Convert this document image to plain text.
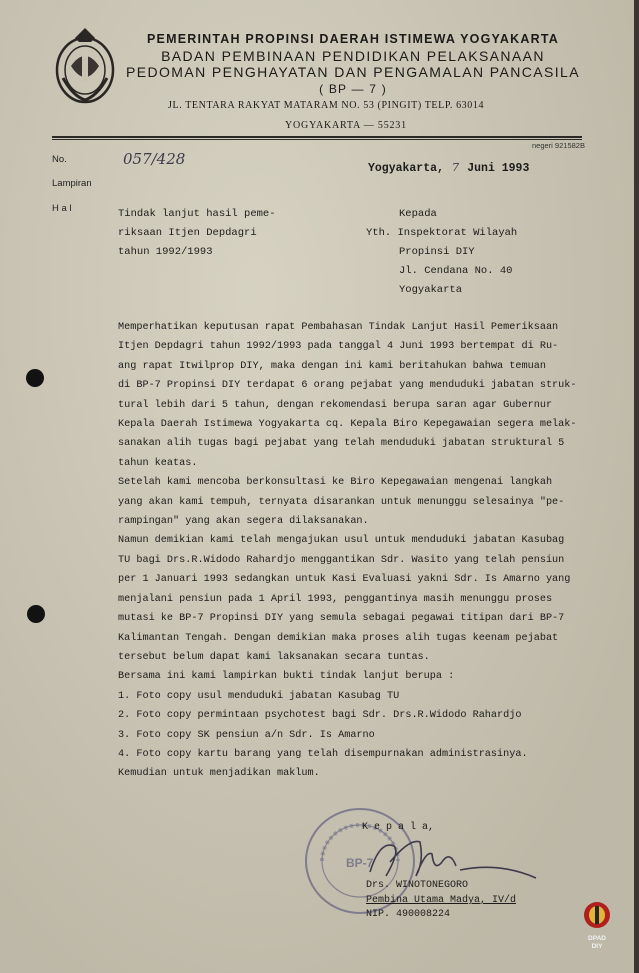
PEMERINTAH PROPINSI DAERAH ISTIMEWA YOGYAKARTA
BADAN PEMBINAAN PENDIDIKAN PELAKSANAAN
PEDOMAN PENGHAYATAN DAN PENGAMALAN PANCASILA
( BP — 7 )
JL. TENTARA RAKYAT MATARAM NO. 53 (PINGIT) TELP. 63014
YOGYAKARTA — 55231
negeri 921582B
No.
Lampiran
H a l
057/428
Yogyakarta, 7 Juni 1993
Tindak lanjut hasil peme-
riksaan Itjen Depdagri
tahun 1992/1993
Kepada
Yth. Inspektorat Wilayah
Propinsi DIY
Jl. Cendana No. 40
Yogyakarta

Memperhatikan keputusan rapat Pembahasan Tindak Lanjut Hasil Pemeriksaan

Itjen Depdagri tahun 1992/1993 pada tanggal 4 Juni 1993 bertempat di Ru-

ang rapat Itwilprop DIY, maka dengan ini kami beritahukan bahwa temuan

di BP-7 Propinsi DIY terdapat 6 orang pejabat yang menduduki jabatan struk-

tural lebih dari 5 tahun, dengan rekomendasi berupa saran agar Gubernur

Kepala Daerah Istimewa Yogyakarta cq. Kepala Biro Kepegawaian segera melak-

sanakan alih tugas bagi pejabat yang telah menduduki jabatan struktural 5

tahun keatas.

Setelah kami mencoba berkonsultasi ke Biro Kepegawaian mengenai langkah

yang akan kami tempuh, ternyata disarankan untuk menunggu selesainya "pe-

rampingan" yang akan segera dilaksanakan.

Namun demikian kami telah mengajukan usul untuk menduduki jabatan Kasubag

TU bagi Drs.R.Widodo Rahardjo menggantikan Sdr. Wasito yang telah pensiun

per 1 Januari 1993 sedangkan untuk Kasi Evaluasi yakni Sdr. Is Amarno yang

menjalani pensiun pada 1 April 1993, penggantinya masih menunggu proses

mutasi ke BP-7 Propinsi DIY yang semula sebagai pegawai titipan dari BP-7

Kalimantan Tengah. Dengan demikian maka proses alih tugas keenam pejabat

tersebut belum dapat kami laksanakan secara tuntas.

Bersama ini kami lampirkan bukti tindak lanjut berupa :

1. Foto copy usul menduduki jabatan Kasubag TU

2. Foto copy permintaan psychotest bagi Sdr. Drs.R.Widodo Rahardjo

3. Foto copy SK pensiun a/n Sdr. Is Amarno

4. Foto copy kartu barang yang telah disempurnakan administrasinya.

Kemudian untuk menjadikan maklum.

BP-7
K e p a l a,
Drs. WINOTONEGORO
Pembina Utama Madya, IV/d
NIP. 490008224
DPAD
DIY
